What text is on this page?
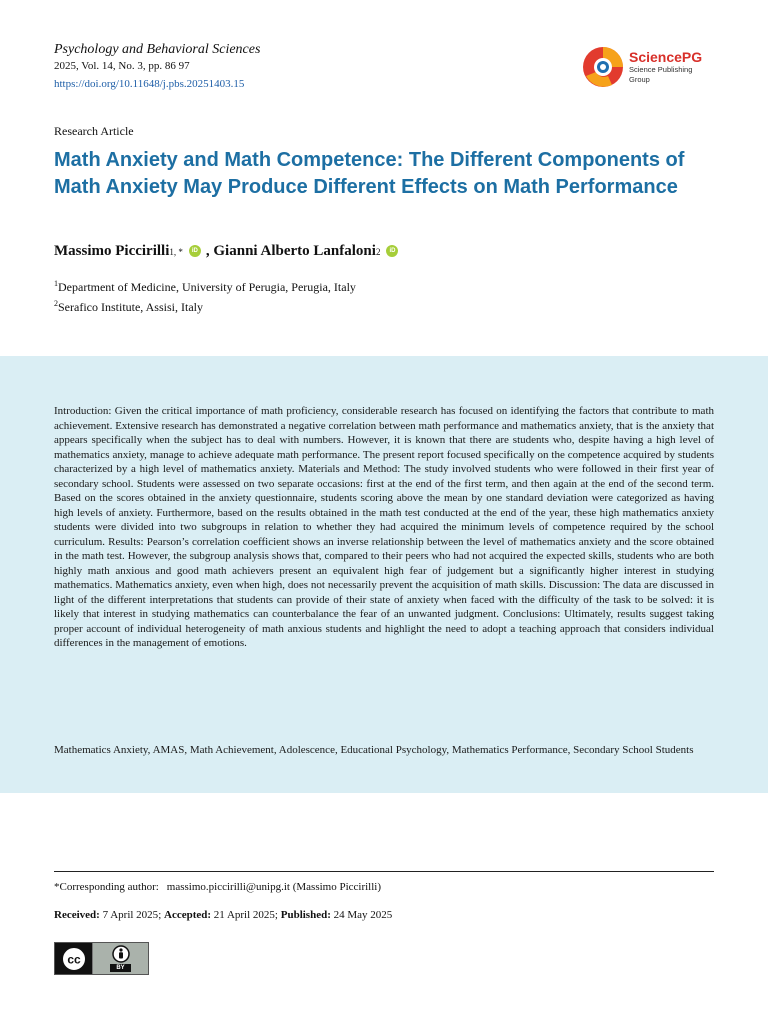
Psychology and Behavioral Sciences
2025, Vol. 14, No. 3, pp. 86 97
https://doi.org/10.11648/j.pbs.20251403.15
SciencePG
Science Publishing Group
Research Article
Math Anxiety and Math Competence: The Different Components of Math Anxiety May Produce Different Effects on Math Performance
Massimo Piccirilli 1, *	iD , Gianni Alberto Lanfaloni 2	iD
$^1$Department of Medicine, University of Perugia, Perugia, Italy
$^2$Serafico Institute, Assisi, Italy

Introduction: Given the critical importance of math proficiency, considerable research has focused on identifying the factors that contribute to math achievement. Extensive research has demonstrated a negative correlation between math performance and mathematics anxiety, that is the anxiety that appears specifically when the subject has to deal with numbers. However, it is known that there are students who, despite having a high level of mathematics anxiety, manage to achieve adequate math performance. The present report focused specifically on the competence acquired by students characterized by a high level of mathematics anxiety. Materials and Method: The study involved students who were followed in their first year of secondary school. Students were assessed on two separate occasions: first at the end of the first term, and then again at the end of the second term. Based on the scores obtained in the anxiety questionnaire, students scoring above the mean by one standard deviation were categorized as having high levels of anxiety. Furthermore, based on the results obtained in the math test conducted at the end of the year, these high mathematics anxiety students were divided into two subgroups in relation to whether they had acquired the minimum levels of competence required by the school curriculum. Results: Pearson’s correlation coefficient shows an inverse relationship between the level of mathematics anxiety and the score obtained in the math test. However, the subgroup analysis shows that, compared to their peers who had not acquired the expected skills, students who are both highly math anxious and good math achievers present an equivalent high fear of judgement but a significantly higher interest in studying mathematics. Mathematics anxiety, even when high, does not necessarily prevent the acquisition of math skills. Discussion: The data are discussed in light of the different interpretations that students can provide of their state of anxiety when faced with the difficulty of the task to be solved: it is likely that interest in studying mathematics can counterbalance the fear of an unwanted judgment. Conclusions: Ultimately, results suggest taking proper account of individual heterogeneity of math anxious students and highlight the need to adopt a teaching approach that considers individual differences in the management of emotions.

Mathematics Anxiety, AMAS, Math Achievement, Adolescence, Educational Psychology, Mathematics Performance, Secondary School Students

*Corresponding author: massimo.piccirilli@unipg.it (Massimo Piccirilli)
Received: 7 April 2025; Accepted: 21 April 2025; Published: 24 May 2025
cc
BY
